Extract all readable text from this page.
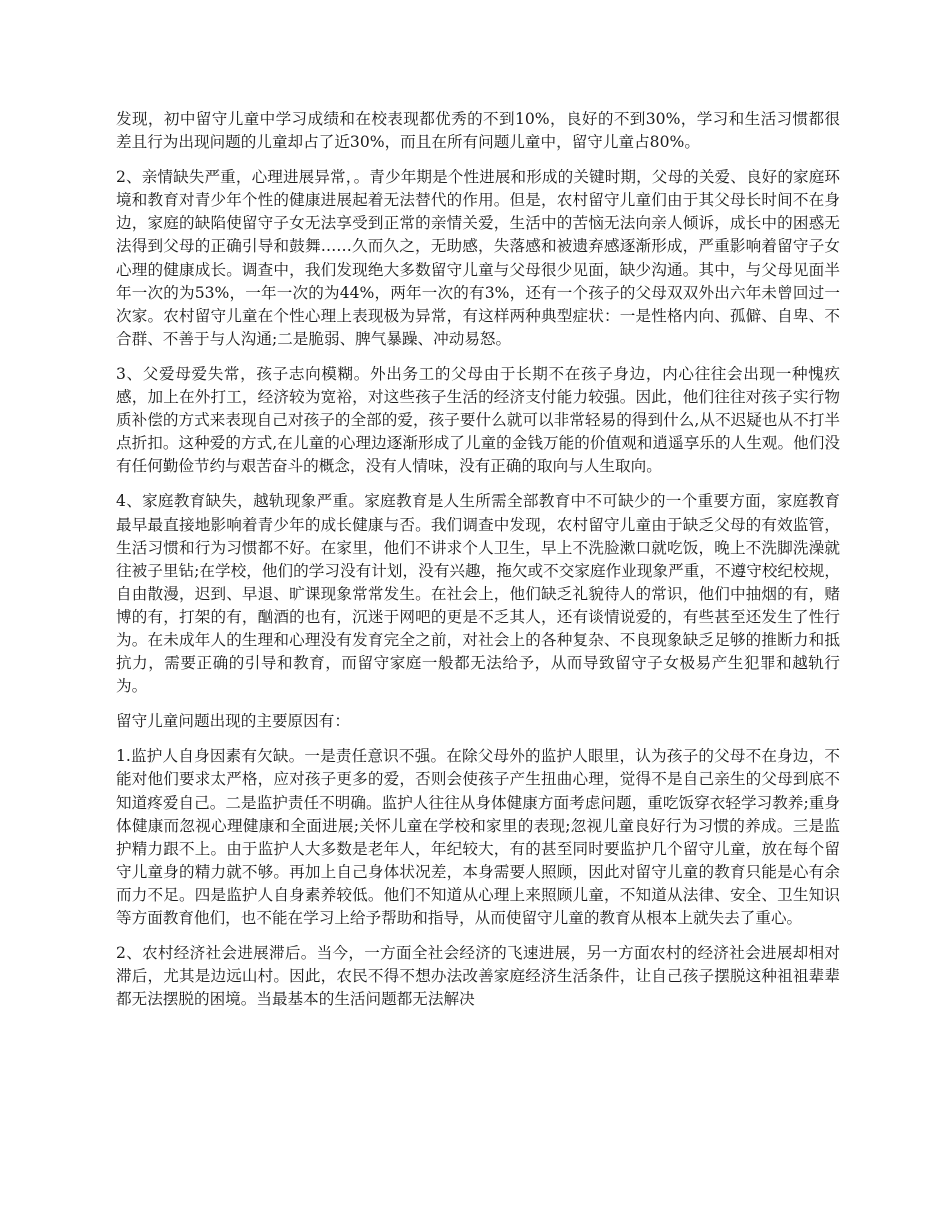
发现，初中留守儿童中学习成绩和在校表现都优秀的不到10%，良好的不到30%，学习和生活习惯都很差且行为出现问题的儿童却占了近30%，而且在所有问题儿童中，留守儿童占80%。

2、亲情缺失严重，心理进展异常，。青少年期是个性进展和形成的关键时期，父母的关爱、良好的家庭环境和教育对青少年个性的健康进展起着无法替代的作用。但是，农村留守儿童们由于其父母长时间不在身边，家庭的缺陷使留守子女无法享受到正常的亲情关爱，生活中的苦恼无法向亲人倾诉，成长中的困惑无法得到父母的正确引导和鼓舞……久而久之，无助感，失落感和被遗弃感逐渐形成，严重影响着留守子女心理的健康成长。调查中，我们发现绝大多数留守儿童与父母很少见面，缺少沟通。其中，与父母见面半年一次的为53%，一年一次的为44%，两年一次的有3%，还有一个孩子的父母双双外出六年未曾回过一次家。农村留守儿童在个性心理上表现极为异常，有这样两种典型症状：一是性格内向、孤僻、自卑、不合群、不善于与人沟通;二是脆弱、脾气暴躁、冲动易怒。

3、父爱母爱失常，孩子志向模糊。外出务工的父母由于长期不在孩子身边，内心往往会出现一种愧疚感，加上在外打工，经济较为宽裕，对这些孩子生活的经济支付能力较强。因此，他们往往对孩子实行物质补偿的方式来表现自己对孩子的全部的爱，孩子要什么就可以非常轻易的得到什么,从不迟疑也从不打半点折扣。这种爱的方式,在儿童的心理边逐渐形成了儿童的金钱万能的价值观和逍遥享乐的人生观。他们没有任何勤俭节约与艰苦奋斗的概念，没有人情味，没有正确的取向与人生取向。

4、家庭教育缺失，越轨现象严重。家庭教育是人生所需全部教育中不可缺少的一个重要方面，家庭教育最早最直接地影响着青少年的成长健康与否。我们调查中发现，农村留守儿童由于缺乏父母的有效监管，生活习惯和行为习惯都不好。在家里，他们不讲求个人卫生，早上不洗脸漱口就吃饭，晚上不洗脚洗澡就往被子里钻;在学校，他们的学习没有计划，没有兴趣，拖欠或不交家庭作业现象严重，不遵守校纪校规，自由散漫，迟到、早退、旷课现象常常发生。在社会上，他们缺乏礼貌待人的常识，他们中抽烟的有，赌博的有，打架的有，酗酒的也有，沉迷于网吧的更是不乏其人，还有谈情说爱的，有些甚至还发生了性行为。在未成年人的生理和心理没有发育完全之前，对社会上的各种复杂、不良现象缺乏足够的推断力和抵抗力，需要正确的引导和教育，而留守家庭一般都无法给予，从而导致留守子女极易产生犯罪和越轨行为。

留守儿童问题出现的主要原因有：

1.监护人自身因素有欠缺。一是责任意识不强。在除父母外的监护人眼里，认为孩子的父母不在身边，不能对他们要求太严格，应对孩子更多的爱，否则会使孩子产生扭曲心理，觉得不是自己亲生的父母到底不知道疼爱自己。二是监护责任不明确。监护人往往从身体健康方面考虑问题，重吃饭穿衣轻学习教养;重身体健康而忽视心理健康和全面进展;关怀儿童在学校和家里的表现;忽视儿童良好行为习惯的养成。三是监护精力跟不上。由于监护人大多数是老年人，年纪较大，有的甚至同时要监护几个留守儿童，放在每个留守儿童身的精力就不够。再加上自己身体状况差，本身需要人照顾，因此对留守儿童的教育只能是心有余而力不足。四是监护人自身素养较低。他们不知道从心理上来照顾儿童，不知道从法律、安全、卫生知识等方面教育他们，也不能在学习上给予帮助和指导，从而使留守儿童的教育从根本上就失去了重心。

2、农村经济社会进展滞后。当今，一方面全社会经济的飞速进展，另一方面农村的经济社会进展却相对滞后，尤其是边远山村。因此，农民不得不想办法改善家庭经济生活条件，让自己孩子摆脱这种祖祖辈辈都无法摆脱的困境。当最基本的生活问题都无法解决
